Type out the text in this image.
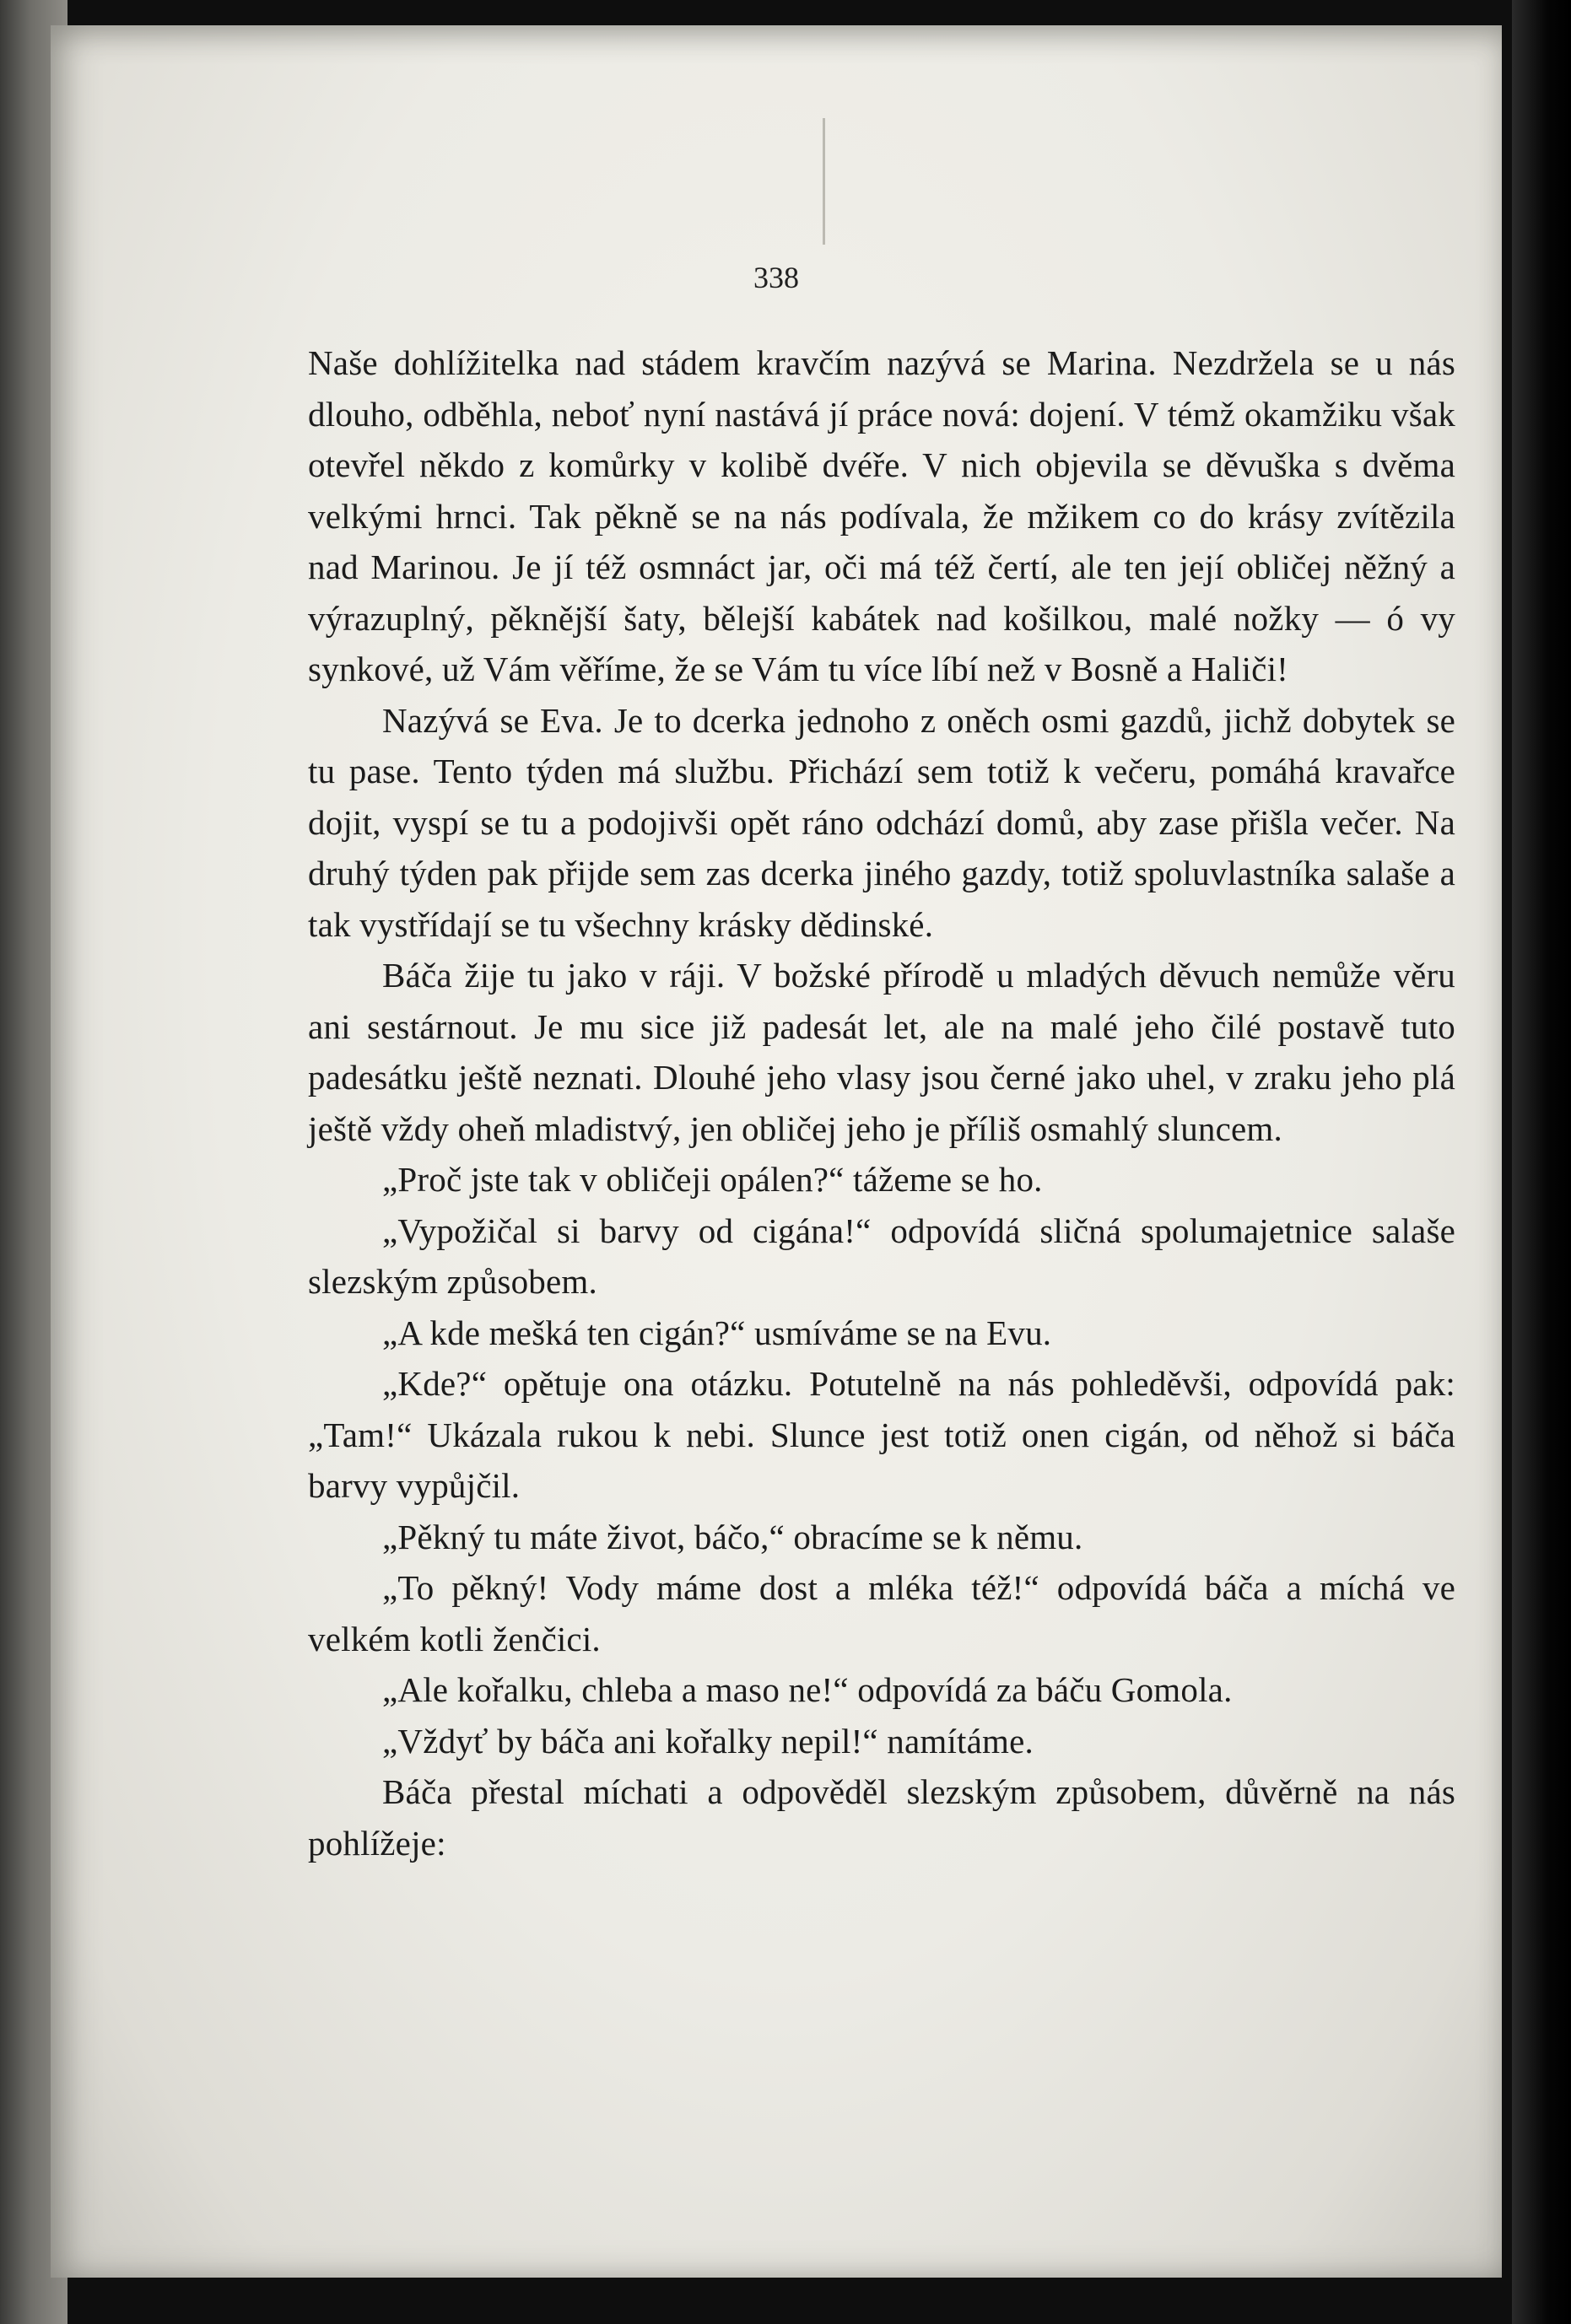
338

Naše dohlížitelka nad stádem kravčím nazývá se Marina. Nezdržela se u nás dlouho, odběhla, neboť nyní nastává jí práce nová: dojení. V témž okamžiku však otevřel někdo z komůrky v kolibě dvéře. V nich objevila se děvuška s dvěma velkými hrnci. Tak pěkně se na nás podívala, že mžikem co do krásy zvítězila nad Marinou. Je jí též osmnáct jar, oči má též čertí, ale ten její obličej něžný a výrazuplný, pěknější šaty, bělejší kabátek nad košilkou, malé nožky — ó vy synkové, už Vám věříme, že se Vám tu více líbí než v Bosně a Haliči!

Nazývá se Eva. Je to dcerka jednoho z oněch osmi gazdů, jichž dobytek se tu pase. Tento týden má službu. Přichází sem totiž k večeru, pomáhá kravařce dojit, vyspí se tu a podojivši opět ráno odchází domů, aby zase přišla večer. Na druhý týden pak přijde sem zas dcerka jiného gazdy, totiž spoluvlastníka salaše a tak vystřídají se tu všechny krásky dědinské.

Báča žije tu jako v ráji. V božské přírodě u mladých děvuch nemůže věru ani sestárnout. Je mu sice již padesát let, ale na malé jeho čilé postavě tuto padesátku ještě neznati. Dlouhé jeho vlasy jsou černé jako uhel, v zraku jeho plá ještě vždy oheň mladistvý, jen obličej jeho je příliš osmahlý sluncem.

„Proč jste tak v obličeji opálen?“ tážeme se ho.

„Vypožičal si barvy od cigána!“ odpovídá sličná spolumajetnice salaše slezským způsobem.

„A kde mešká ten cigán?“ usmíváme se na Evu.

„Kde?“ opětuje ona otázku. Potutelně na nás pohleděvši, odpovídá pak: „Tam!“ Ukázala rukou k nebi. Slunce jest totiž onen cigán, od něhož si báča barvy vypůjčil.

„Pěkný tu máte život, báčo,“ obracíme se k němu.

„To pěkný! Vody máme dost a mléka též!“ odpovídá báča a míchá ve velkém kotli ženčici.

„Ale kořalku, chleba a maso ne!“ odpovídá za báču Gomola.

„Vždyť by báča ani kořalky nepil!“ namítáme.

Báča přestal míchati a odpověděl slezským způsobem, důvěrně na nás pohlížeje:
